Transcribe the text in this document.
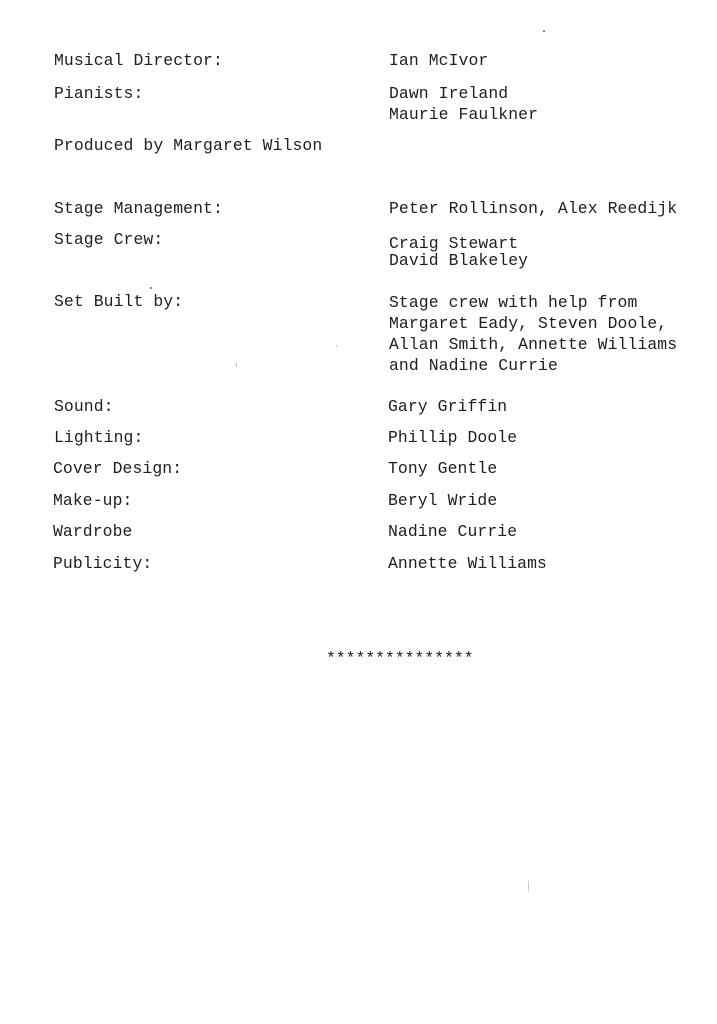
Musical Director:	Ian McIvor
Pianists:	Dawn Ireland
Maurie Faulkner
Produced by Margaret Wilson
Stage Management:	Peter Rollinson, Alex Reedijk
Stage Crew:	Craig Stewart
David Blakeley
Set Built by:	Stage crew with help from
Margaret Eady, Steven Doole,
Allan Smith, Annette Williams
and Nadine Currie
Sound:	Gary Griffin
Lighting:	Phillip Doole
Cover Design:	Tony Gentle
Make-up:	Beryl Wride
Wardrobe	Nadine Currie
Publicity:	Annette Williams
***************
